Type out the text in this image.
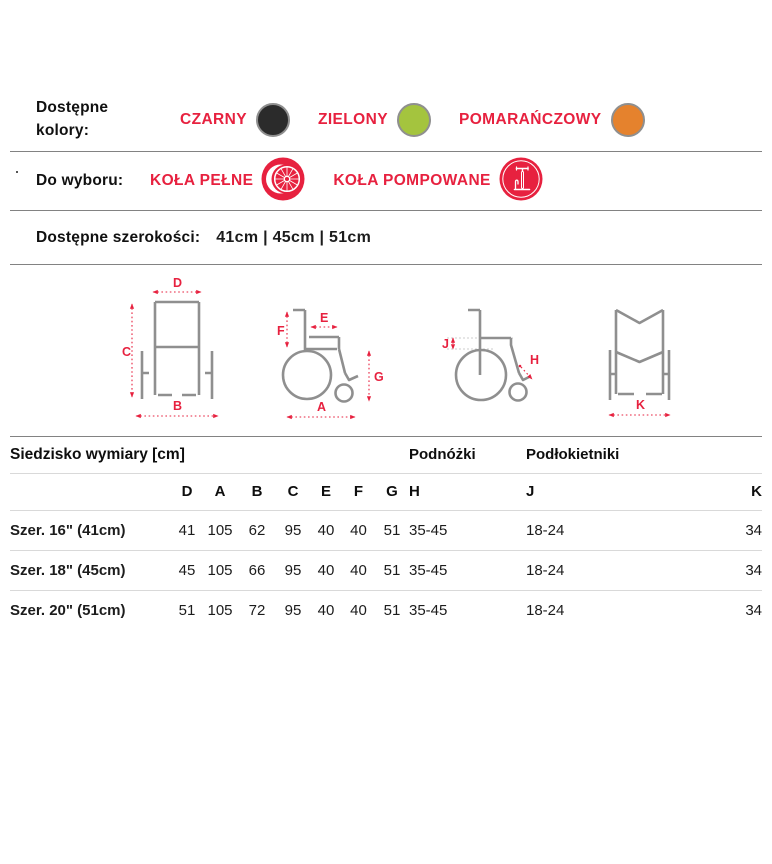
Dostępne kolory:
CZARNY	ZIELONY	POMARAŃCZOWY
Do wyboru:	KOŁA PEŁNE	KOŁA POMPOWANE
Dostępne szerokości: 41cm | 45cm | 51cm
D
C
B
F
E
G
A
J
H
K
Siedzisko wymiary [cm]								Podnóżki	Podłokietniki	
	D	A	B	C	E	F	G	H	J	K
Szer. 16" (41cm)	41	105	62	95	40	40	51	35-45	18-24	34
Szer. 18" (45cm)	45	105	66	95	40	40	51	35-45	18-24	34
Szer. 20" (51cm)	51	105	72	95	40	40	51	35-45	18-24	34
